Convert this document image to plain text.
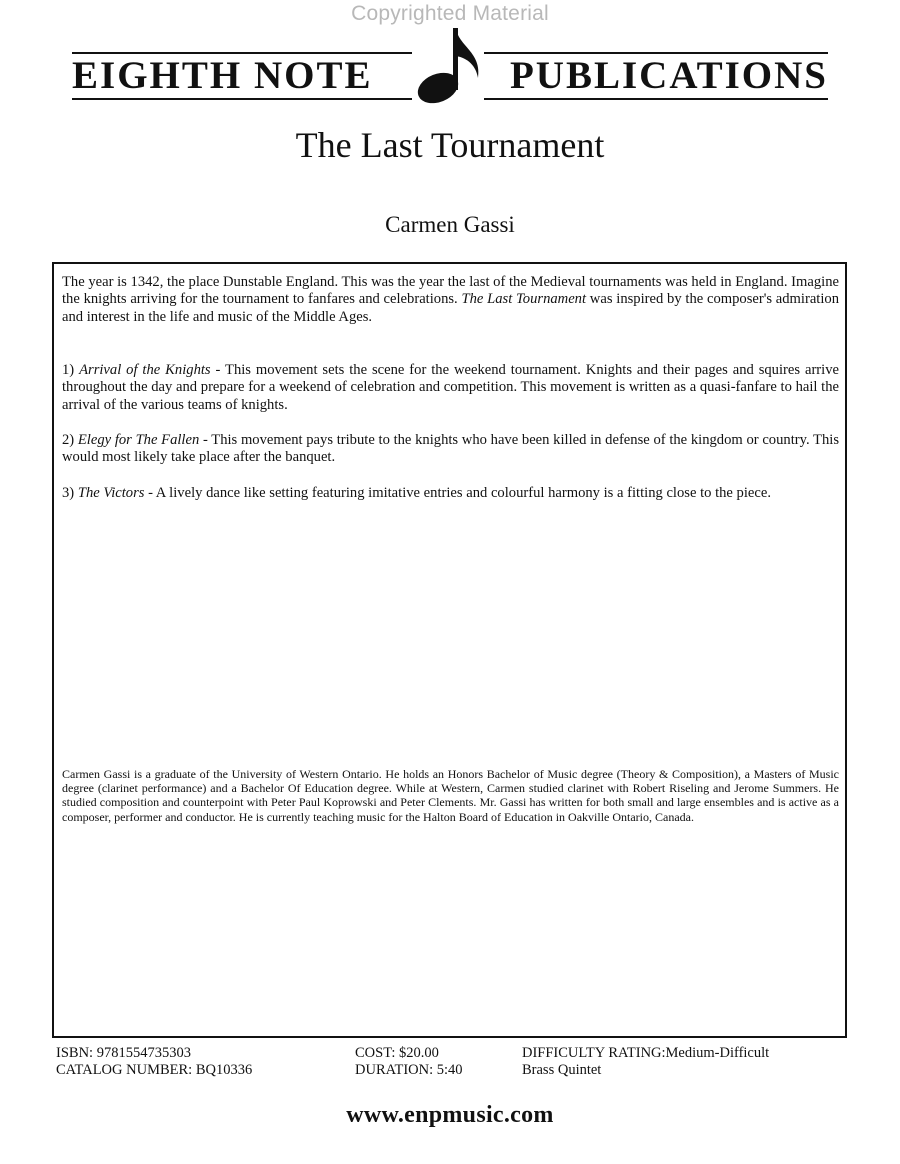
Copyrighted Material
EIGHTH NOTE	PUBLICATIONS
The Last Tournament
Carmen Gassi

The year is 1342, the place Dunstable England. This was the year the last of the Medieval tournaments was held in England. Imagine the knights arriving for the tournament to fanfares and celebrations. The Last Tournament was inspired by the composer's admiration and interest in the life and music of the Middle Ages.

1) Arrival of the Knights - This movement sets the scene for the weekend tournament. Knights and their pages and squires arrive throughout the day and prepare for a weekend of celebration and competition. This movement is written as a quasi-fanfare to hail the arrival of the various teams of knights.

2) Elegy for The Fallen - This movement pays tribute to the knights who have been killed in defense of the kingdom or country. This would most likely take place after the banquet.

3) The Victors - A lively dance like setting featuring imitative entries and colourful harmony is a fitting close to the piece.

Carmen Gassi is a graduate of the University of Western Ontario. He holds an Honors Bachelor of Music degree (Theory & Composition), a Masters of Music degree (clarinet performance) and a Bachelor Of Education degree. While at Western, Carmen studied clarinet with Robert Riseling and Jerome Summers. He studied composition and counterpoint with Peter Paul Koprowski and Peter Clements. Mr. Gassi has written for both small and large ensembles and is active as a composer, performer and conductor. He is currently teaching music for the Halton Board of Education in Oakville Ontario, Canada.

ISBN: 9781554735303
CATALOG NUMBER: BQ10336
COST: $20.00
DURATION: 5:40
DIFFICULTY RATING:Medium-Difficult
Brass Quintet
www.enpmusic.com
